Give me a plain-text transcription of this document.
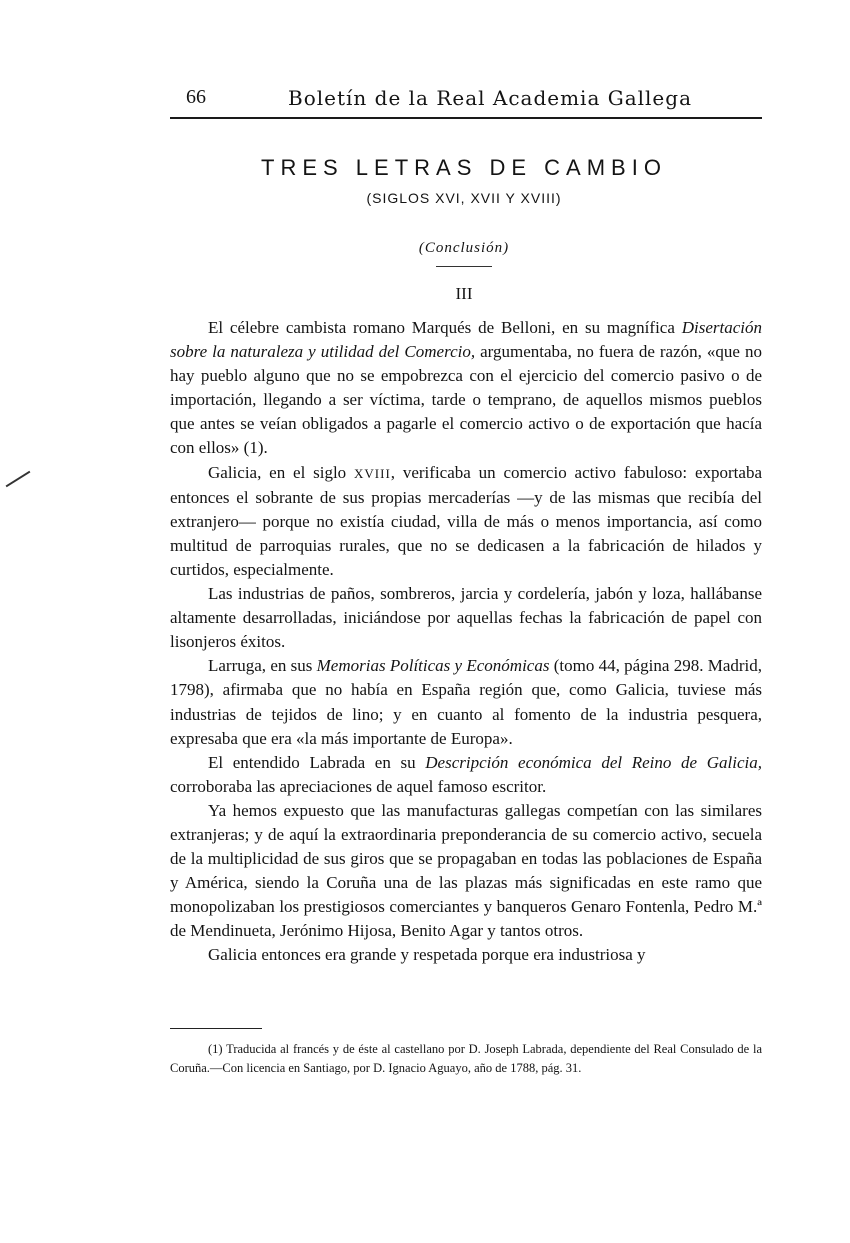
66	Boletín de la Real Academia Gallega
TRES LETRAS DE CAMBIO
(SIGLOS XVI, XVII Y XVIII)
(Conclusión)
III

El célebre cambista romano Marqués de Belloni, en su magnífica Disertación sobre la naturaleza y utilidad del Comercio, argumentaba, no fuera de razón, «que no hay pueblo alguno que no se empobrezca con el ejercicio del comercio pasivo o de importación, llegando a ser víctima, tarde o temprano, de aquellos mismos pueblos que antes se veían obligados a pagarle el comercio activo o de exportación que hacía con ellos» (1).

Galicia, en el siglo XVIII, verificaba un comercio activo fabuloso: exportaba entonces el sobrante de sus propias mercaderías —y de las mismas que recibía del extranjero— porque no existía ciudad, villa de más o menos importancia, así como multitud de parroquias rurales, que no se dedicasen a la fabricación de hilados y curtidos, especialmente.

Las industrias de paños, sombreros, jarcia y cordelería, jabón y loza, hallábanse altamente desarrolladas, iniciándose por aquellas fechas la fabricación de papel con lisonjeros éxitos.

Larruga, en sus Memorias Políticas y Económicas (tomo 44, página 298. Madrid, 1798), afirmaba que no había en España región que, como Galicia, tuviese más industrias de tejidos de lino; y en cuanto al fomento de la industria pesquera, expresaba que era «la más importante de Europa».

El entendido Labrada en su Descripción económica del Reino de Galicia, corroboraba las apreciaciones de aquel famoso escritor.

Ya hemos expuesto que las manufacturas gallegas competían con las similares extranjeras; y de aquí la extraordinaria preponderancia de su comercio activo, secuela de la multiplicidad de sus giros que se propagaban en todas las poblaciones de España y América, siendo la Coruña una de las plazas más significadas en este ramo que monopolizaban los prestigiosos comerciantes y banqueros Genaro Fontenla, Pedro M.ª de Mendinueta, Jerónimo Hijosa, Benito Agar y tantos otros.

Galicia entonces era grande y respetada porque era industriosa y

(1) Traducida al francés y de éste al castellano por D. Joseph Labrada, dependiente del Real Consulado de la Coruña.—Con licencia en Santiago, por D. Ignacio Aguayo, año de 1788, pág. 31.
